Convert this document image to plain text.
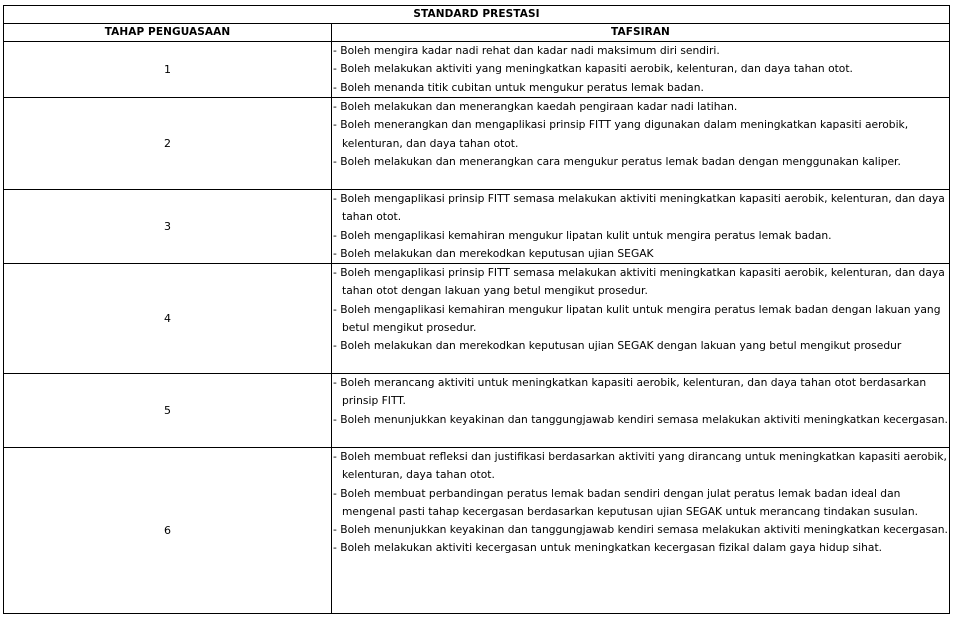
STANDARD PRESTASI	
TAHAP PENGUASAAN	TAFSIRAN
1	- Boleh mengira kadar nadi rehat dan kadar nadi maksimum diri sendiri.
- Boleh melakukan aktiviti yang meningkatkan kapasiti aerobik, kelenturan, dan daya tahan otot.
- Boleh menanda titik cubitan untuk mengukur peratus lemak badan.

2	- Boleh melakukan dan menerangkan kaedah pengiraan kadar nadi latihan.
- Boleh menerangkan dan mengaplikasi prinsip FITT yang digunakan dalam meningkatkan kapasiti aerobik, kelenturan, dan daya tahan otot.
- Boleh melakukan dan menerangkan cara mengukur peratus lemak badan dengan menggunakan kaliper.

3	- Boleh mengaplikasi prinsip FITT semasa melakukan aktiviti meningkatkan kapasiti aerobik, kelenturan, dan daya tahan otot.
- Boleh mengaplikasi kemahiran mengukur lipatan kulit untuk mengira peratus lemak badan.
- Boleh melakukan dan merekodkan keputusan ujian SEGAK

4	- Boleh mengaplikasi prinsip FITT semasa melakukan aktiviti meningkatkan kapasiti aerobik, kelenturan, dan daya tahan otot dengan lakuan yang betul mengikut prosedur.
- Boleh mengaplikasi kemahiran mengukur lipatan kulit untuk mengira peratus lemak badan dengan lakuan yang betul mengikut prosedur.
- Boleh melakukan dan merekodkan keputusan ujian SEGAK dengan lakuan yang betul mengikut prosedur

5	- Boleh merancang aktiviti untuk meningkatkan kapasiti aerobik, kelenturan, dan daya tahan otot berdasarkan prinsip FITT.
- Boleh menunjukkan keyakinan dan tanggungjawab kendiri semasa melakukan aktiviti meningkatkan kecergasan.

6	- Boleh membuat refleksi dan justifikasi berdasarkan aktiviti yang dirancang untuk meningkatkan kapasiti aerobik, kelenturan, daya tahan otot.
- Boleh membuat perbandingan peratus lemak badan sendiri dengan julat peratus lemak badan ideal dan mengenal pasti tahap kecergasan berdasarkan keputusan ujian SEGAK untuk merancang tindakan susulan.
- Boleh menunjukkan keyakinan dan tanggungjawab kendiri semasa melakukan aktiviti meningkatkan kecergasan.
- Boleh melakukan aktiviti kecergasan untuk meningkatkan kecergasan fizikal dalam gaya hidup sihat.
